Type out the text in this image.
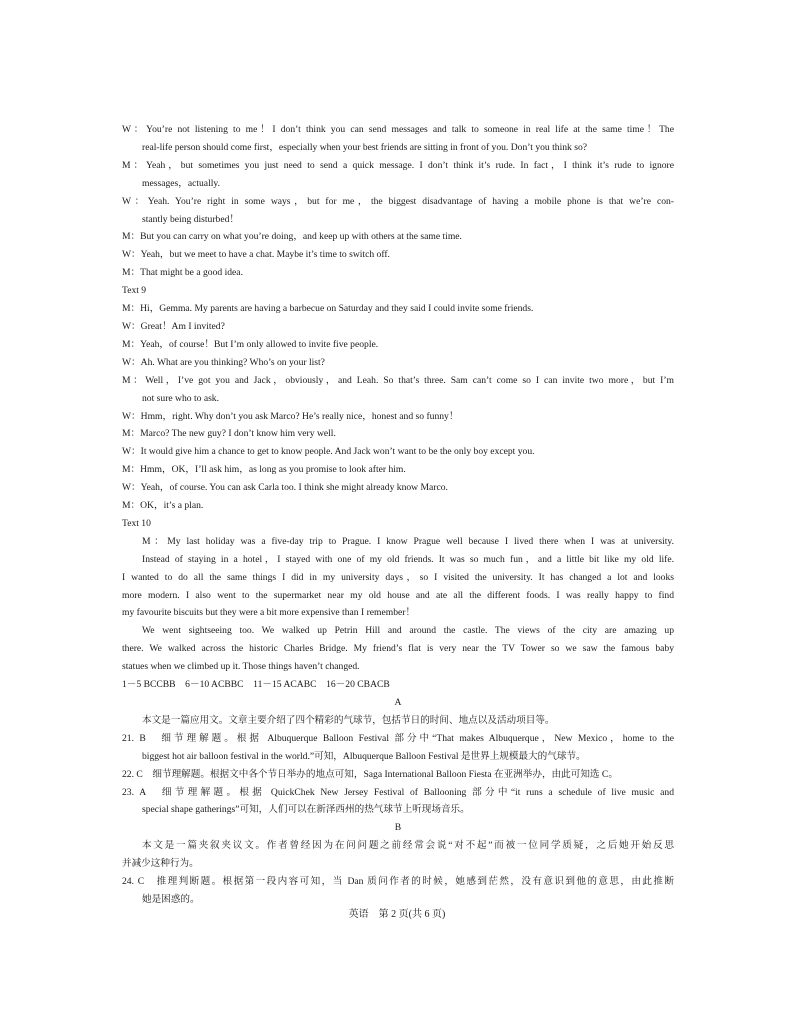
W：You’re not listening to me！I don’t think you can send messages and talk to someone in real life at the same time！The
real-life person should come first，especially when your best friends are sitting in front of you. Don’t you think so?
M：Yeah，but sometimes you just need to send a quick message. I don’t think it’s rude. In fact，I think it’s rude to ignore
messages，actually.
W：Yeah. You’re right in some ways，but for me，the biggest disadvantage of having a mobile phone is that we’re con-
stantly being disturbed！
M：But you can carry on what you’re doing，and keep up with others at the same time.
W：Yeah，but we meet to have a chat. Maybe it’s time to switch off.
M：That might be a good idea.
Text 9
M：Hi，Gemma. My parents are having a barbecue on Saturday and they said I could invite some friends.
W：Great！Am I invited?
M：Yeah，of course！But I’m only allowed to invite five people.
W：Ah. What are you thinking? Who’s on your list?
M：Well，I’ve got you and Jack，obviously，and Leah. So that’s three. Sam can’t come so I can invite two more，but I’m
not sure who to ask.
W：Hmm，right. Why don’t you ask Marco? He’s really nice，honest and so funny！
M：Marco? The new guy? I don’t know him very well.
W：It would give him a chance to get to know people. And Jack won’t want to be the only boy except you.
M：Hmm，OK，I’ll ask him，as long as you promise to look after him.
W：Yeah，of course. You can ask Carla too. I think she might already know Marco.
M：OK，it’s a plan.
Text 10
M：My last holiday was a five-day trip to Prague. I know Prague well because I lived there when I was at university.
Instead of staying in a hotel，I stayed with one of my old friends. It was so much fun，and a little bit like my old life.
I wanted to do all the same things I did in my university days，so I visited the university. It has changed a lot and looks
more modern. I also went to the supermarket near my old house and ate all the different foods. I was really happy to find
my favourite biscuits but they were a bit more expensive than I remember！
We went sightseeing too. We walked up Petrin Hill and around the castle. The views of the city are amazing up
there. We walked across the historic Charles Bridge. My friend’s flat is very near the TV Tower so we saw the famous baby
statues when we climbed up it. Those things haven’t changed.
1－5 BCCBB　6－10 ACBBC　11－15 ACABC　16－20 CBACB
A
本文是一篇应用文。文章主要介绍了四个精彩的气球节，包括节日的时间、地点以及活动项目等。
21. B　细节理解题。根据 Albuquerque Balloon Festival 部分中“That makes Albuquerque，New Mexico，home to the
biggest hot air balloon festival in the world.”可知，Albuquerque Balloon Festival 是世界上规模最大的气球节。
22. C　细节理解题。根据文中各个节日举办的地点可知，Saga International Balloon Fiesta 在亚洲举办，由此可知选 C。
23. A　细节理解题。根据 QuickChek New Jersey Festival of Ballooning 部分中“it runs a schedule of live music and
special shape gatherings”可知，人们可以在新泽西州的热气球节上听现场音乐。
B
本文是一篇夹叙夹议文。作者曾经因为在问问题之前经常会说“对不起”而被一位同学质疑，之后她开始反思
并减少这种行为。
24. C　推理判断题。根据第一段内容可知，当 Dan 质问作者的时候，她感到茫然，没有意识到他的意思，由此推断
她是困惑的。
英语　第 2 页(共 6 页)
